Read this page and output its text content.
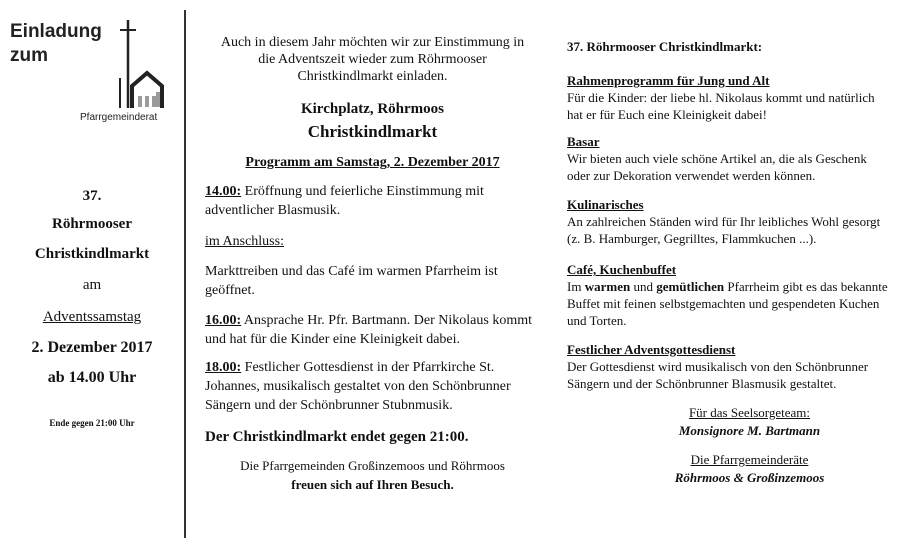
Einladung
zum
Pfarrgemeinderat
37.
Röhrmooser
Christkindlmarkt
am
Adventssamstag
2. Dezember 2017
ab 14.00 Uhr
Ende gegen 21:00 Uhr
Auch in diesem Jahr möchten wir zur Einstimmung in die Adventszeit wieder zum Röhrmooser Christkindlmarkt einladen.
Kirchplatz, Röhrmoos
Christkindlmarkt
Programm am Samstag, 2. Dezember 2017

14.00: Eröffnung und feierliche Einstimmung mit adventlicher Blasmusik.

im Anschluss:

Markttreiben und das Café im warmen Pfarrheim ist geöffnet.

16.00: Ansprache Hr. Pfr. Bartmann. Der Nikolaus kommt und hat für die Kinder eine Kleinigkeit dabei.

18.00: Festlicher Gottesdienst in der Pfarrkirche St. Johannes, musikalisch gestaltet von den Schönbrunner Sängern und der Schönbrunner Stubnmusik.

Der Christkindlmarkt endet gegen 21:00.

Die Pfarrgemeinden Großinzemoos und Röhrmoos
freuen sich auf Ihren Besuch.

37. Röhrmooser Christkindlmarkt:

Rahmenprogramm für Jung und Alt

Für die Kinder: der liebe hl. Nikolaus kommt und natürlich hat er für Euch eine Kleinigkeit dabei!

Basar

Wir bieten auch viele schöne Artikel an, die als Geschenk oder zur Dekoration verwendet werden können.

Kulinarisches

An zahlreichen Ständen wird für Ihr leibliches Wohl gesorgt (z. B. Hamburger, Gegrilltes, Flammkuchen ...).

Café, Kuchenbuffet

Im warmen und gemütlichen Pfarrheim gibt es das bekannte Buffet mit feinen selbstgemachten und gespendeten Kuchen und Torten.

Festlicher Adventsgottesdienst

Der Gottesdienst wird musikalisch von den Schönbrunner Sängern und der Schönbrunner Blasmusik gestaltet.

Für das Seelsorgeteam:
Monsignore M. Bartmann
Die Pfarrgemeinderäte
Röhrmoos & Großinzemoos
